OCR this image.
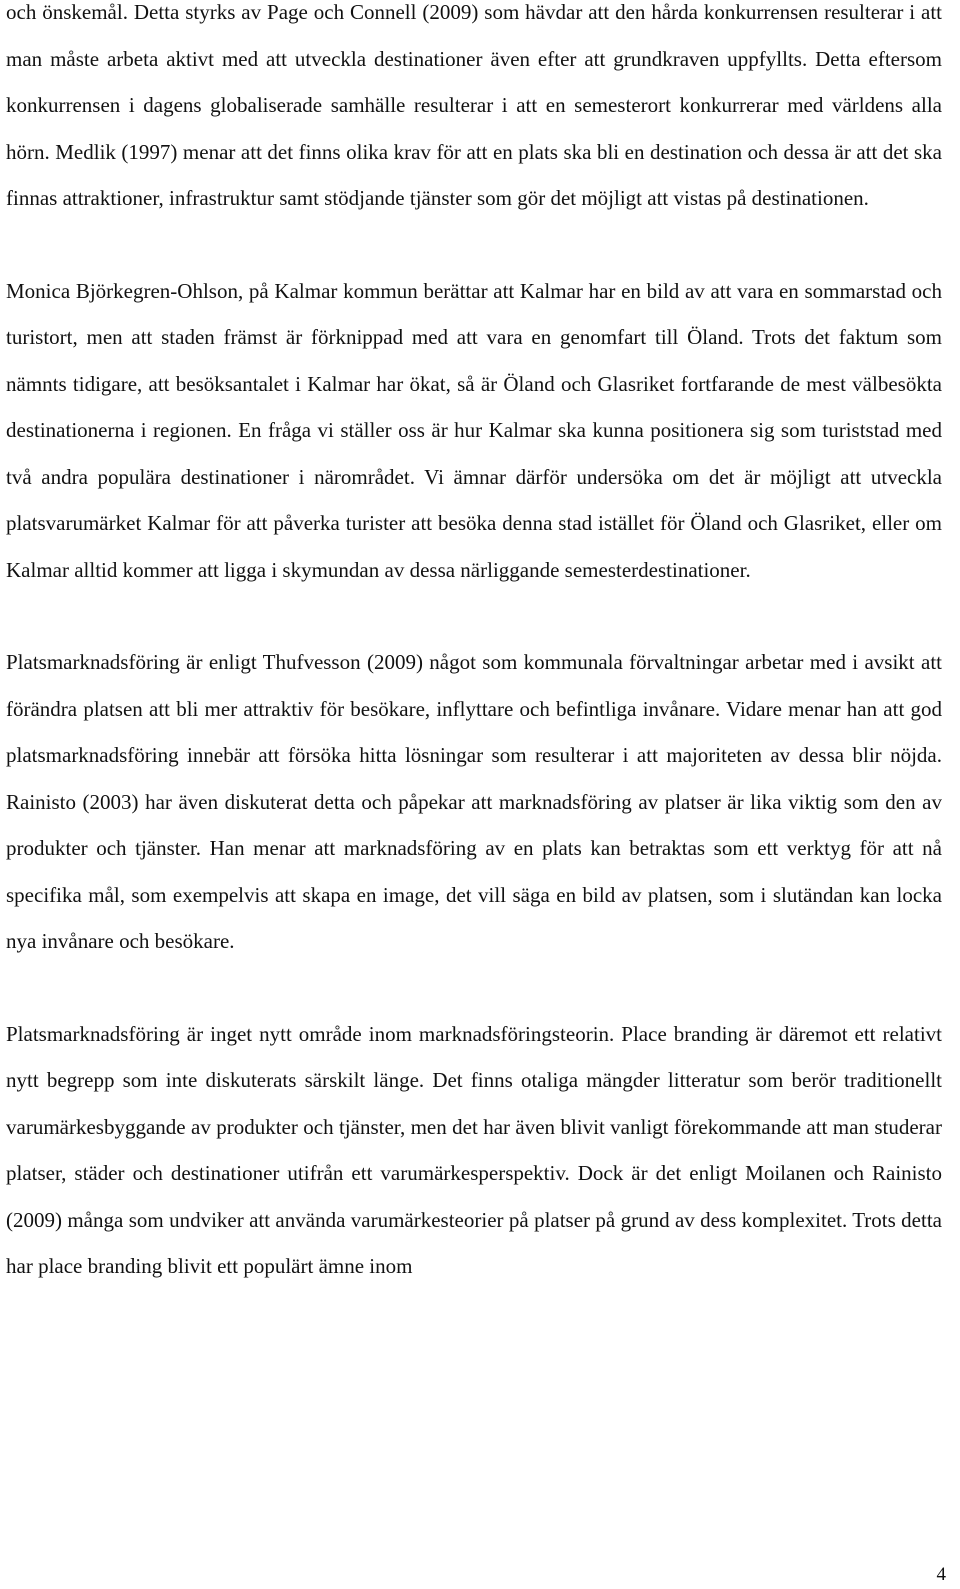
och önskemål. Detta styrks av Page och Connell (2009) som hävdar att den hårda konkurrensen resulterar i att man måste arbeta aktivt med att utveckla destinationer även efter att grundkraven uppfyllts. Detta eftersom konkurrensen i dagens globaliserade samhälle resulterar i att en semesterort konkurrerar med världens alla hörn. Medlik (1997) menar att det finns olika krav för att en plats ska bli en destination och dessa är att det ska finnas attraktioner, infrastruktur samt stödjande tjänster som gör det möjligt att vistas på destinationen.

Monica Björkegren-Ohlson, på Kalmar kommun berättar att Kalmar har en bild av att vara en sommarstad och turistort, men att staden främst är förknippad med att vara en genomfart till Öland. Trots det faktum som nämnts tidigare, att besöksantalet i Kalmar har ökat, så är Öland och Glasriket fortfarande de mest välbesökta destinationerna i regionen. En fråga vi ställer oss är hur Kalmar ska kunna positionera sig som turiststad med två andra populära destinationer i närområdet. Vi ämnar därför undersöka om det är möjligt att utveckla platsvarumärket Kalmar för att påverka turister att besöka denna stad istället för Öland och Glasriket, eller om Kalmar alltid kommer att ligga i skymundan av dessa närliggande semesterdestinationer.

Platsmarknadsföring är enligt Thufvesson (2009) något som kommunala förvaltningar arbetar med i avsikt att förändra platsen att bli mer attraktiv för besökare, inflyttare och befintliga invånare. Vidare menar han att god platsmarknadsföring innebär att försöka hitta lösningar som resulterar i att majoriteten av dessa blir nöjda. Rainisto (2003) har även diskuterat detta och påpekar att marknadsföring av platser är lika viktig som den av produkter och tjänster. Han menar att marknadsföring av en plats kan betraktas som ett verktyg för att nå specifika mål, som exempelvis att skapa en image, det vill säga en bild av platsen, som i slutändan kan locka nya invånare och besökare.

Platsmarknadsföring är inget nytt område inom marknadsföringsteorin. Place branding är däremot ett relativt nytt begrepp som inte diskuterats särskilt länge. Det finns otaliga mängder litteratur som berör traditionellt varumärkesbyggande av produkter och tjänster, men det har även blivit vanligt förekommande att man studerar platser, städer och destinationer utifrån ett varumärkesperspektiv. Dock är det enligt Moilanen och Rainisto (2009) många som undviker att använda varumärkesteorier på platser på grund av dess komplexitet. Trots detta har place branding blivit ett populärt ämne inom

4
